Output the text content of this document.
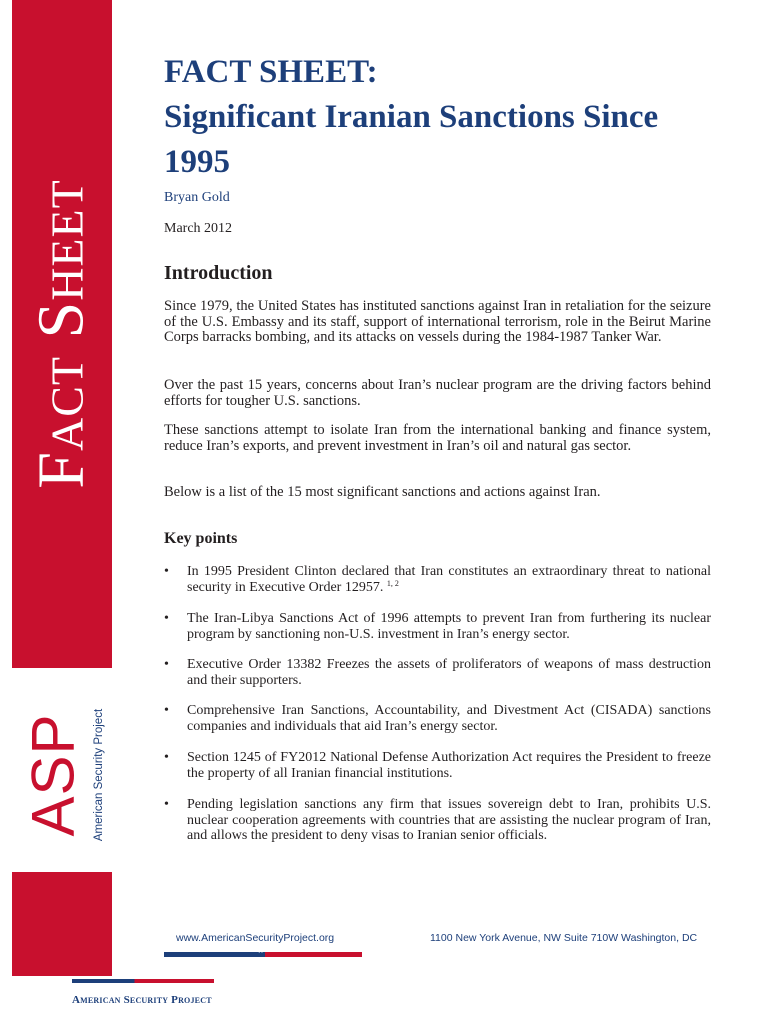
Fact Sheet
ASP American Security Project
FACT SHEET:
Significant Iranian Sanctions Since
1995
Bryan Gold
March 2012
Introduction

Since 1979, the United States has instituted sanctions against Iran in retaliation for the seizure of the U.S. Embassy and its staff, support of international terrorism, role in the Beirut Marine Corps barracks bombing, and its attacks on vessels during the 1984-1987 Tanker War.

Over the past 15 years, concerns about Iran’s nuclear program are the driving factors behind efforts for tougher U.S. sanctions.

These sanctions attempt to isolate Iran from the international banking and finance system, reduce Iran’s exports, and prevent investment in Iran’s oil and natural gas sector.

Below is a list of the 15 most significant sanctions and actions against Iran.

Key points
•	In 1995 President Clinton declared that Iran constitutes an extraordinary threat to national security in Executive Order 12957. $^{1, 2}$
•	The Iran-Libya Sanctions Act of 1996 attempts to prevent Iran from furthering its nuclear program by sanctioning non-U.S. investment in Iran’s energy sector.
•	Executive Order 13382 Freezes the assets of proliferators of weapons of mass destruction and their supporters.
•	Comprehensive Iran Sanctions, Accountability, and Divestment Act (CISADA) sanctions companies and individuals that aid Iran’s energy sector.
•	Section 1245 of FY2012 National Defense Authorization Act requires the President to freeze the property of all Iranian financial institutions.
•	Pending legislation sanctions any firm that issues sovereign debt to Iran, prohibits U.S. nuclear cooperation agreements with countries that are assisting the nuclear program of Iran, and allows the president to deny visas to Iranian senior officials.
www.AmericanSecurityProject.org	1100 New York Avenue, NW Suite 710W Washington, DC
★
American Security Project
